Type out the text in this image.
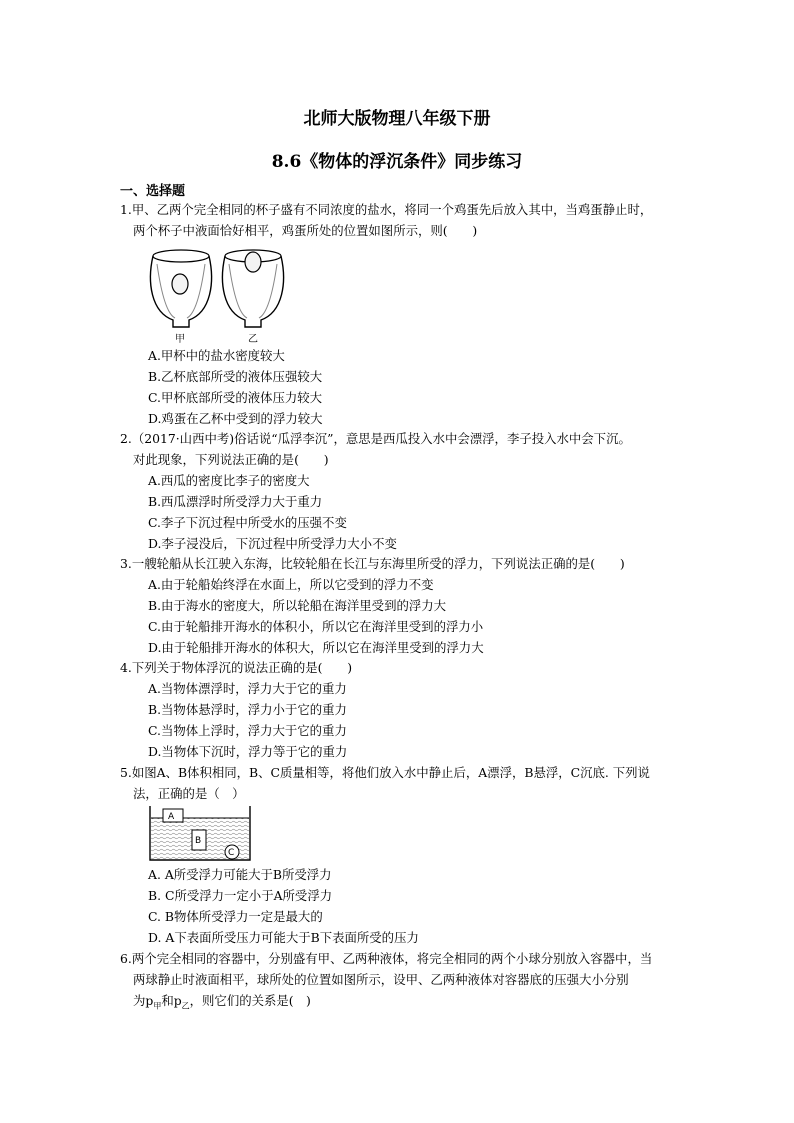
北师大版物理八年级下册
8.6《物体的浮沉条件》同步练习
一、选择题
1.甲、乙两个完全相同的杯子盛有不同浓度的盐水，将同一个鸡蛋先后放入其中，当鸡蛋静止时，
两个杯子中液面恰好相平，鸡蛋所处的位置如图所示，则(　　)
甲	乙
A.甲杯中的盐水密度较大
B.乙杯底部所受的液体压强较大
C.甲杯底部所受的液体压力较大
D.鸡蛋在乙杯中受到的浮力较大
2.（2017·山西中考)俗话说“瓜浮李沉”，意思是西瓜投入水中会漂浮，李子投入水中会下沉。
对此现象，下列说法正确的是(　　)
A.西瓜的密度比李子的密度大
B.西瓜漂浮时所受浮力大于重力
C.李子下沉过程中所受水的压强不变
D.李子浸没后，下沉过程中所受浮力大小不变
3.一艘轮船从长江驶入东海，比较轮船在长江与东海里所受的浮力，下列说法正确的是(　　)
A.由于轮船始终浮在水面上，所以它受到的浮力不变
B.由于海水的密度大，所以轮船在海洋里受到的浮力大
C.由于轮船排开海水的体积小，所以它在海洋里受到的浮力小
D.由于轮船排开海水的体积大，所以它在海洋里受到的浮力大
4.下列关于物体浮沉的说法正确的是(　　)
A.当物体漂浮时，浮力大于它的重力
B.当物体悬浮时，浮力小于它的重力
C.当物体上浮时，浮力大于它的重力
D.当物体下沉时，浮力等于它的重力
5.如图A、B体积相同，B、C质量相等，将他们放入水中静止后，A漂浮，B悬浮，C沉底. 下列说
法，正确的是（　）
A
B
C
A. A所受浮力可能大于B所受浮力
B. C所受浮力一定小于A所受浮力
C. B物体所受浮力一定是最大的
D. A下表面所受压力可能大于B下表面所受的压力
6.两个完全相同的容器中，分别盛有甲、乙两种液体，将完全相同的两个小球分别放入容器中，当
两球静止时液面相平，球所处的位置如图所示，设甲、乙两种液体对容器底的压强大小分别
为$p_甲$和$p_乙$，则它们的关系是(　)
